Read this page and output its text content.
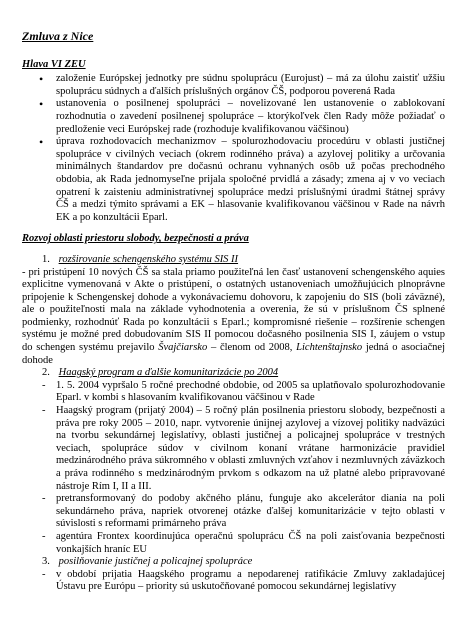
Zmluva z Nice
Hlava VI ZEU
• založenie Európskej jednotky pre súdnu spoluprácu (Eurojust) – má za úlohu zaistiť užšiu spoluprácu súdnych a ďalších príslušných orgánov ČŠ, podporou poverená Rada
• ustanovenia o posilnenej spolupráci – novelizované len ustanovenie o zablokovaní rozhodnutia o zavedení posilnenej spolupráce – ktorýkoľvek člen Rady môže požiadať o predloženie veci Európskej rade (rozhoduje kvalifikovanou väčšinou)
• úprava rozhodovacích mechanizmov – spolurozhodovaciu procedúru v oblasti justičnej spolupráce v civilných veciach (okrem rodinného práva) a azylovej politiky a určovania minimálnych štandardov pre dočasnú ochranu vyhnaných osôb už počas prechodného obdobia, ak Rada jednomyseľne prijala spoločné prvidlá a zásady; zmena aj v vo veciach opatrení k zaisteniu administratívnej spolupráce medzi príslušnými úradmi štátnej správy ČŠ a medzi týmito správami a EK – hlasovanie kvalifikovanou väčšinou v Rade na návrh EK a po konzultácii Eparl.
Rozvoj oblasti priestoru slobody, bezpečnosti a práva
1. rozširovanie schengenského systému SIS II

- pri pristúpení 10 nových ČŠ sa stala priamo použiteľná len časť ustanovení schengenského aquies explicitne vymenovaná v Akte o pristúpení, o ostatných ustanoveniach umožňujúcich plnoprávne pripojenie k Schengenskej dohode a vykonávaciemu dohovoru, k zapojeniu do SIS (boli záväzné), ale o použiteľnosti mala na základe vyhodnotenia a overenia, že sú v príslušnom ČS splnené podmienky, rozhodnúť Rada po konzultácii s Eparl.; kompromisné riešenie – rozšírenie schengen systému je možné pred dobudovaním SIS II pomocou dočasného posilnenia SIS I, záujem o vstup do schengen systému prejavilo Švajčiarsko – členom od 2008, Lichtenštajnsko jedná o asociačnej dohode

2. Haagský program a ďalšie komunitarizácie po 2004
- 1. 5. 2004 vypršalo 5 ročné prechodné obdobie, od 2005 sa uplatňovalo spolurozhodovanie Eparl. v kombi s hlasovaním kvalifikovanou väčšinou v Rade
- Haagský program (prijatý 2004) – 5 ročný plán posilnenia priestoru slobody, bezpečnosti a práva pre roky 2005 – 2010, napr. vytvorenie únijnej azylovej a vízovej politiky nadväzúci na tvorbu sekundárnej legislatívy, oblasti justičnej a policajnej spolupráce v trestných veciach, spolupráce súdov v civilnom konaní vrátane harmonizácie pravidiel medzinárodného práva súkromného v oblasti zmluvných vzťahov i nezmluvných záväzkoch a práva rodinného s medzinárodným prvkom s odkazom na už platné alebo pripravované nástroje Rím I, II a III.
- pretransformovaný do podoby akčného plánu, funguje ako akcelerátor diania na poli sekundárneho práva, napriek otvorenej otázke ďalšej komunitarizácie v tejto oblasti v súvislosti s reformami primárneho práva
- agentúra Frontex koordinujúca operačnú spoluprácu ČŠ na poli zaisťovania bezpečnosti vonkajších hraníc EU
3. posilňovanie justičnej a policajnej spolupráce
- v období prijatia Haagského programu a nepodarenej ratifikácie Zmluvy zakladajúcej Ústavu pre Európu – priority sú uskutočňované pomocou sekundárnej legislatívy
